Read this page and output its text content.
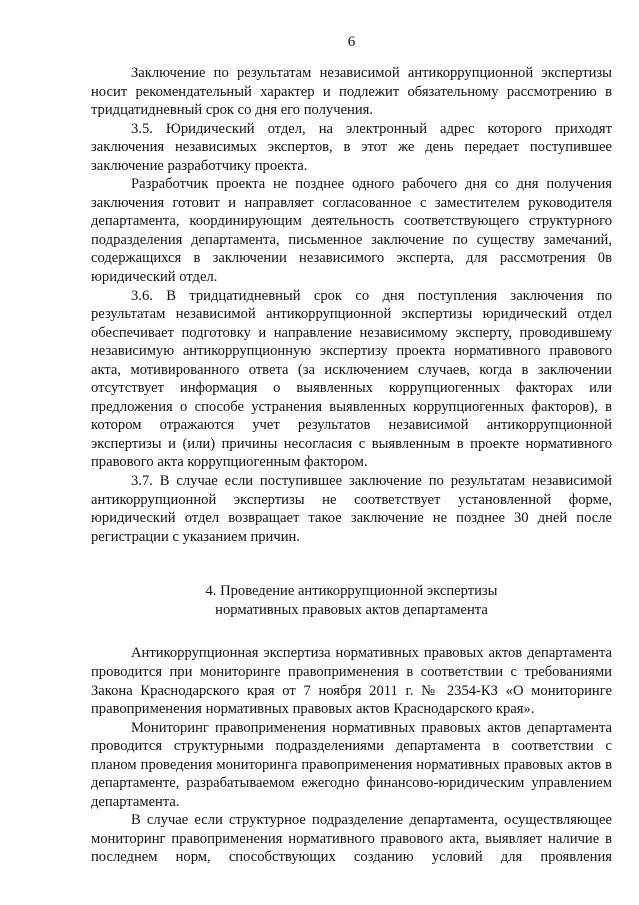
6

Заключение по результатам независимой антикоррупционной экспертизы носит рекомендательный характер и подлежит обязательному рассмотрению в тридцатидневный срок со дня его получения.

3.5. Юридический отдел, на электронный адрес которого приходят заключения независимых экспертов, в этот же день передает поступившее заключение разработчику проекта.

Разработчик проекта не позднее одного рабочего дня со дня получения заключения готовит и направляет согласованное с заместителем руководителя департамента, координирующим деятельность соответствующего структурного подразделения департамента, письменное заключение по существу замечаний, содержащихся в заключении независимого эксперта, для рассмотрения 0в юридический отдел.

3.6. В тридцатидневный срок со дня поступления заключения по результатам независимой антикоррупционной экспертизы юридический отдел обеспечивает подготовку и направление независимому эксперту, проводившему независимую антикоррупционную экспертизу проекта нормативного правового акта, мотивированного ответа (за исключением случаев, когда в заключении отсутствует информация о выявленных коррупциогенных факторах или предложения о способе устранения выявленных коррупциогенных факторов), в котором отражаются учет результатов независимой антикоррупционной экспертизы и (или) причины несогласия с выявленным в проекте нормативного правового акта коррупциогенным фактором.

3.7. В случае если поступившее заключение по результатам независимой антикоррупционной экспертизы не соответствует установленной форме, юридический отдел возвращает такое заключение не позднее 30 дней после регистрации с указанием причин.

4. Проведение антикоррупционной экспертизы

нормативных правовых актов департамента

Антикоррупционная экспертиза нормативных правовых актов департамента проводится при мониторинге правоприменения в соответствии с требованиями Закона Краснодарского края от 7 ноября 2011 г. № 2354-КЗ «О мониторинге правоприменения нормативных правовых актов Краснодарского края».

Мониторинг правоприменения нормативных правовых актов департамента проводится структурными подразделениями департамента в соответствии с планом проведения мониторинга правоприменения нормативных правовых актов в департаменте, разрабатываемом ежегодно финансово-юридическим управлением департамента.

В случае если структурное подразделение департамента, осуществляющее мониторинг правоприменения нормативного правового акта, выявляет наличие в последнем норм, способствующих созданию условий для проявления
